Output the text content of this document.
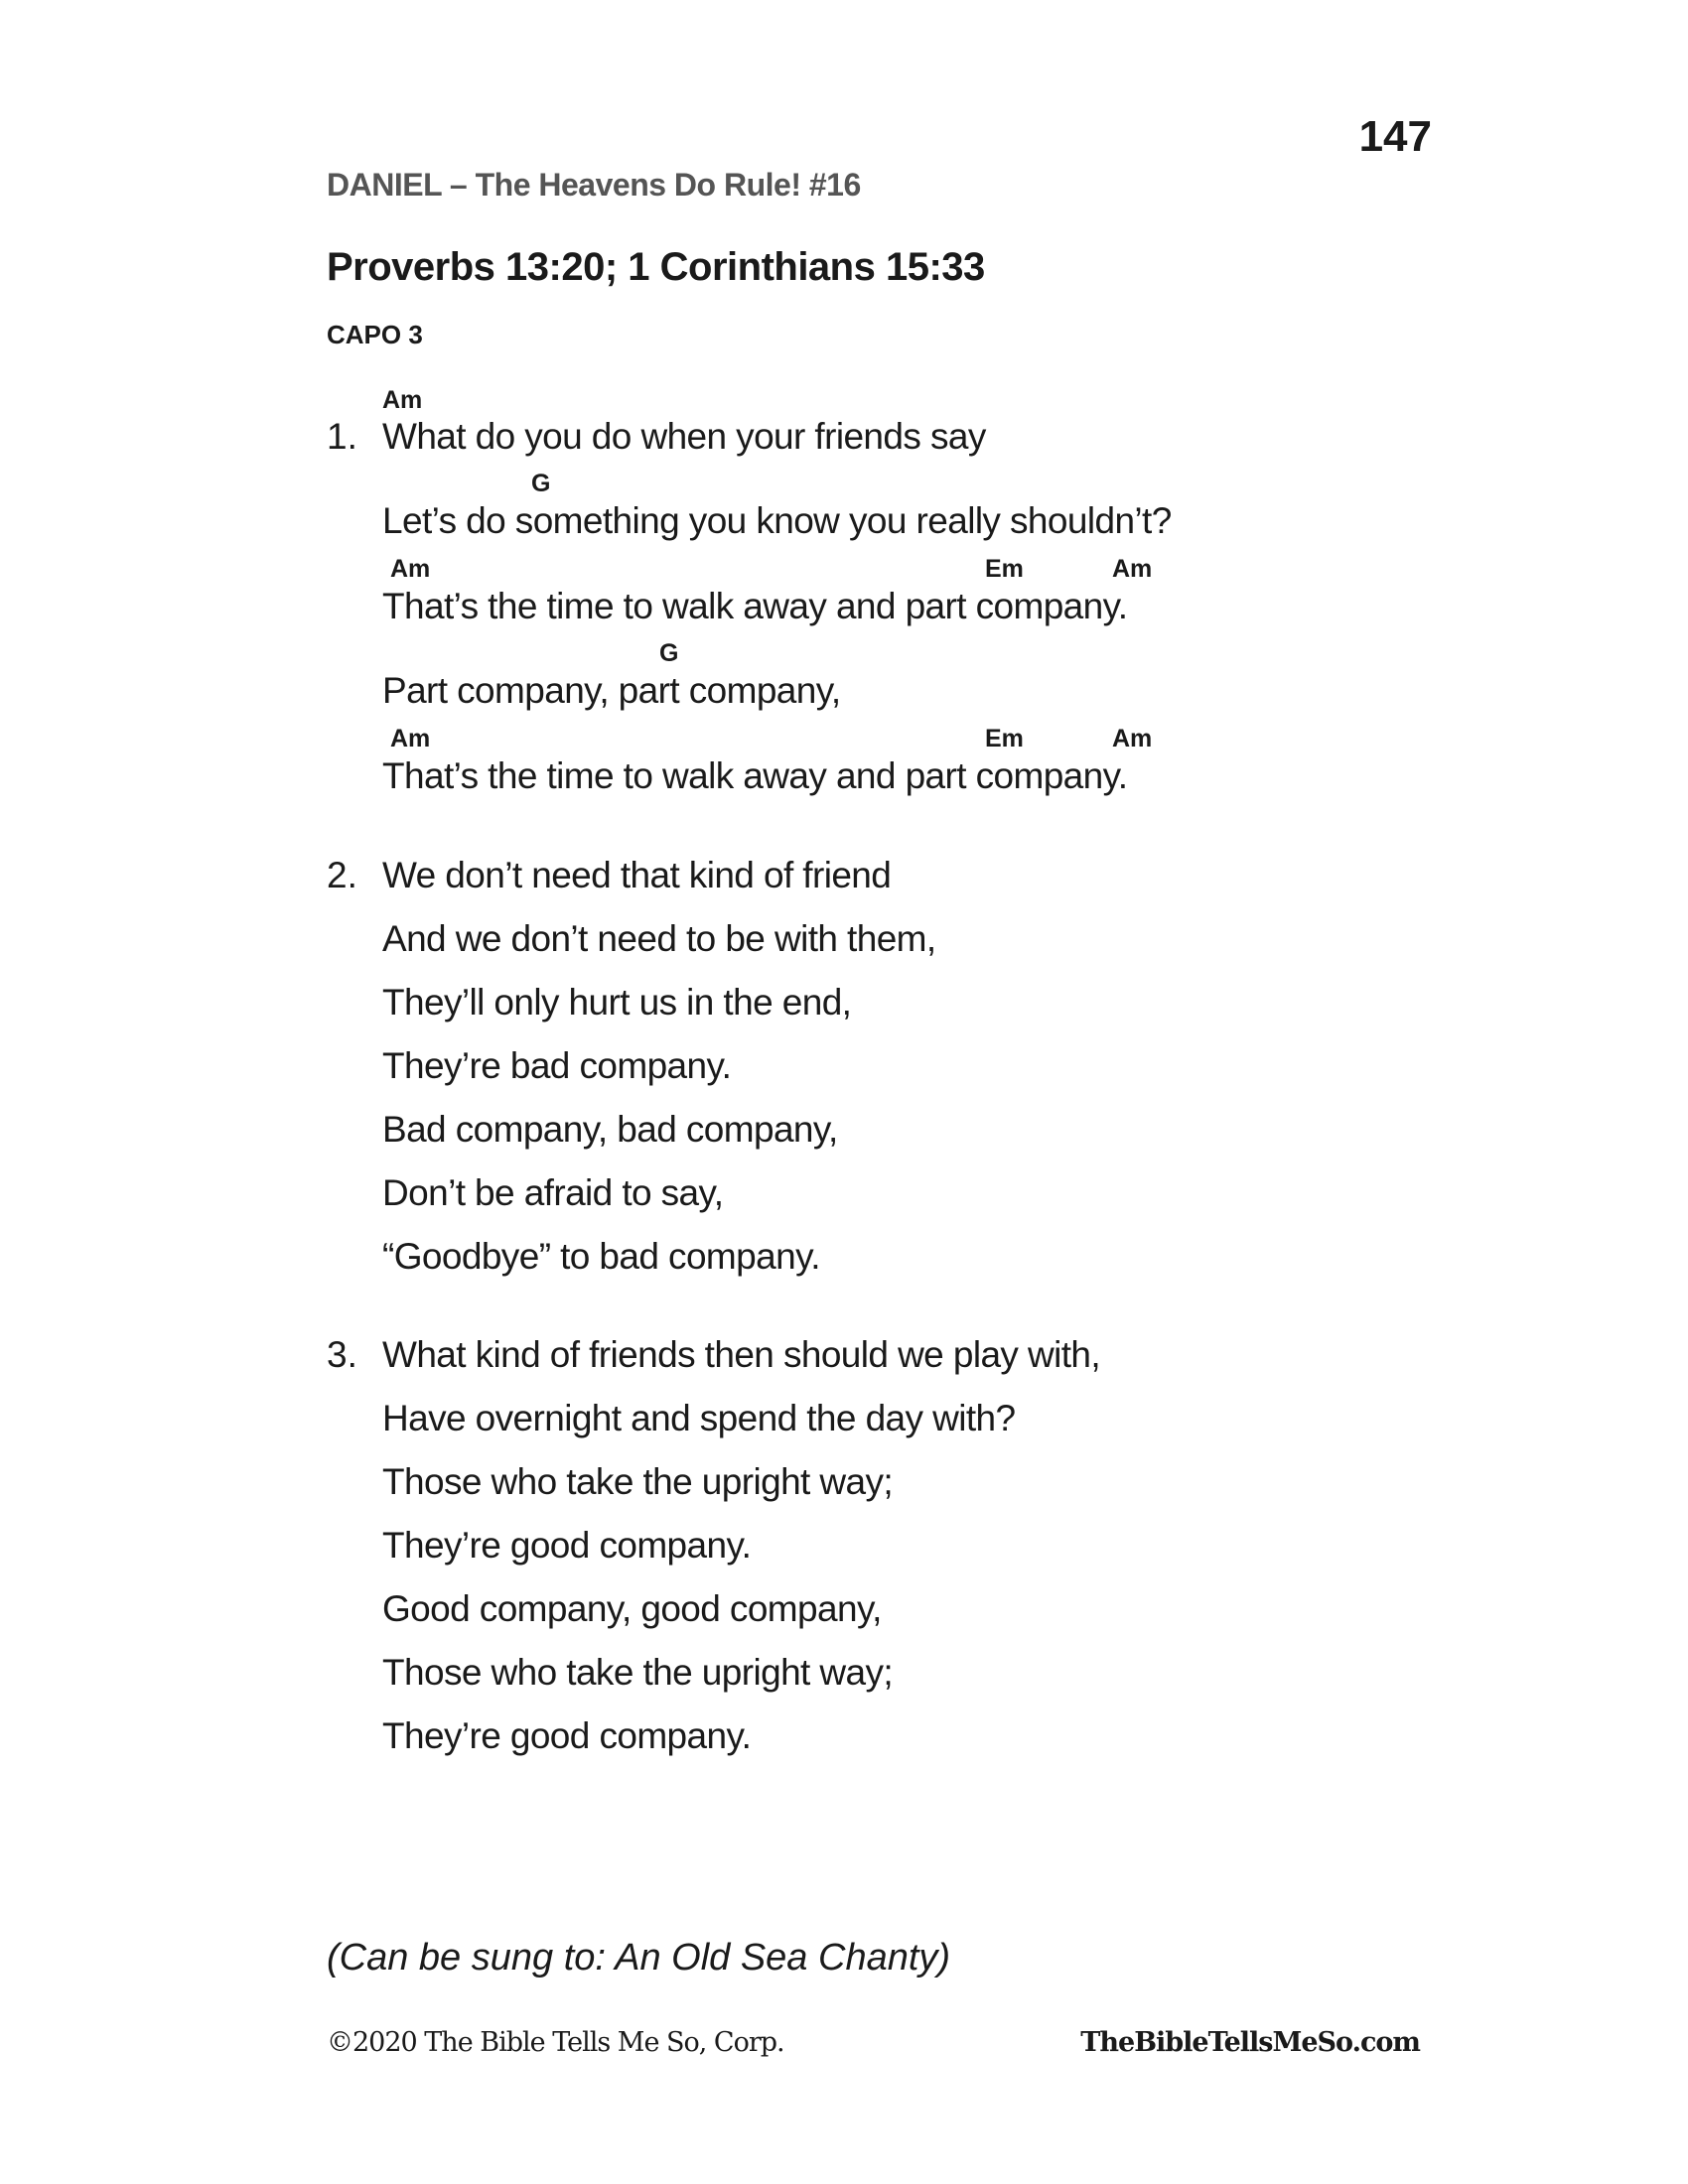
147
DANIEL – The Heavens Do Rule! #16
Proverbs 13:20; 1 Corinthians 15:33
CAPO 3
Am
1. What do you do when your friends say
G
Let’s do something you know you really shouldn’t?
Am	Em	Am
That’s the time to walk away and part company.
G
Part company, part company,
Am	Em	Am
That’s the time to walk away and part company.
2. We don’t need that kind of friend
And we don’t need to be with them,
They’ll only hurt us in the end,
They’re bad company.
Bad company, bad company,
Don’t be afraid to say,
“Goodbye” to bad company.
3. What kind of friends then should we play with,
Have overnight and spend the day with?
Those who take the upright way;
They’re good company.
Good company, good company,
Those who take the upright way;
They’re good company.
(Can be sung to: An Old Sea Chanty)
©2020 The Bible Tells Me So, Corp.	TheBibleTellsMeSo.com
